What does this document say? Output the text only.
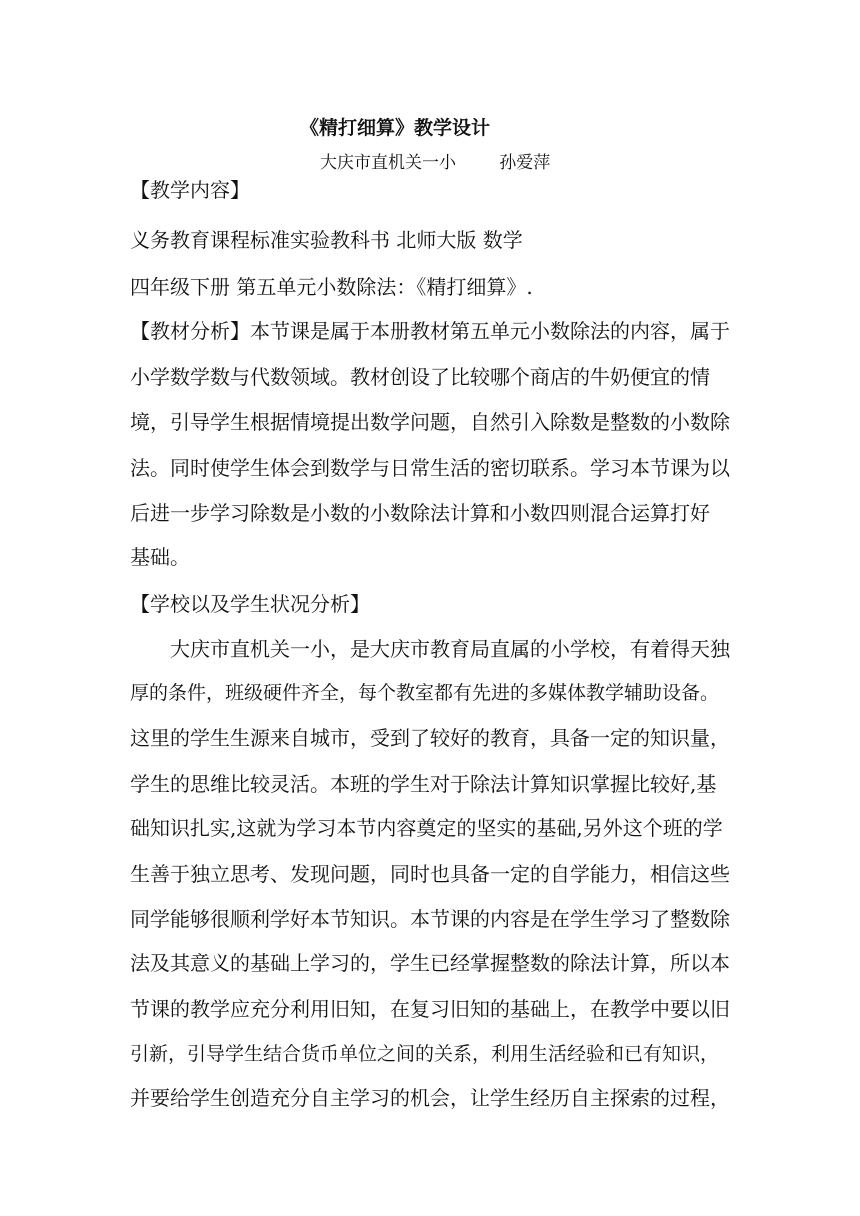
《精打细算》教学设计
大庆市直机关一小        孙爱萍
【教学内容】
义务教育课程标准实验教科书 北师大版 数学
四年级下册 第五单元小数除法：《精打细算》.
【教材分析】本节课是属于本册教材第五单元小数除法的内容，属于
小学数学数与代数领域。教材创设了比较哪个商店的牛奶便宜的情
境，引导学生根据情境提出数学问题，自然引入除数是整数的小数除
法。同时使学生体会到数学与日常生活的密切联系。学习本节课为以
后进一步学习除数是小数的小数除法计算和小数四则混合运算打好
基础。
【学校以及学生状况分析】
大庆市直机关一小，是大庆市教育局直属的小学校，有着得天独
厚的条件，班级硬件齐全，每个教室都有先进的多媒体教学辅助设备。
这里的学生生源来自城市，受到了较好的教育，具备一定的知识量，
学生的思维比较灵活。本班的学生对于除法计算知识掌握比较好,基
础知识扎实,这就为学习本节内容奠定的坚实的基础,另外这个班的学
生善于独立思考、发现问题，同时也具备一定的自学能力，相信这些
同学能够很顺利学好本节知识。本节课的内容是在学生学习了整数除
法及其意义的基础上学习的，学生已经掌握整数的除法计算，所以本
节课的教学应充分利用旧知，在复习旧知的基础上，在教学中要以旧
引新，引导学生结合货币单位之间的关系，利用生活经验和已有知识，
并要给学生创造充分自主学习的机会，让学生经历自主探索的过程，
